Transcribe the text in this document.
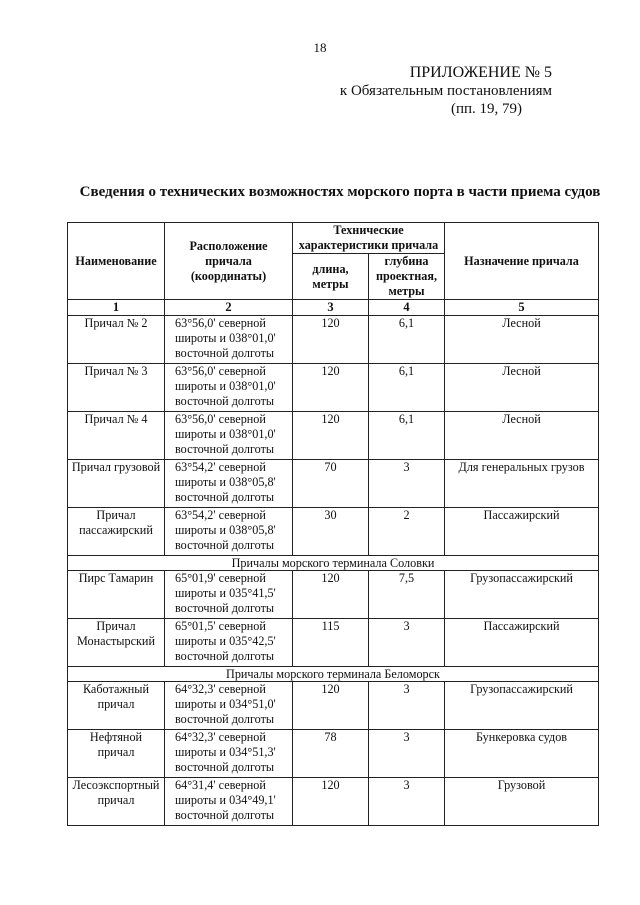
18
ПРИЛОЖЕНИЕ № 5
к Обязательным постановлениям
(пп. 19, 79)
Сведения о технических возможностях морского порта в части приема судов
Наименование	Расположение причала (координаты)	Технические характеристики причала		Назначение причала
		длина, метры	глубина проектная, метры	
1	2	3	4	5
Причал № 2	63°56,0' северной широты и 038°01,0' восточной долготы	120	6,1	Лесной
Причал № 3	63°56,0' северной широты и 038°01,0' восточной долготы	120	6,1	Лесной
Причал № 4	63°56,0' северной широты и 038°01,0' восточной долготы	120	6,1	Лесной
Причал грузовой	63°54,2' северной широты и 038°05,8' восточной долготы	70	3	Для генеральных грузов
Причал пассажирский	63°54,2' северной широты и 038°05,8' восточной долготы	30	2	Пассажирский
Причалы морского терминала Соловки				
Пирс Тамарин	65°01,9' северной широты и 035°41,5' восточной долготы	120	7,5	Грузопассажирский
Причал Монастырский	65°01,5' северной широты и 035°42,5' восточной долготы	115	3	Пассажирский
Причалы морского терминала Беломорск				
Каботажный причал	64°32,3' северной широты и 034°51,0' восточной долготы	120	3	Грузопассажирский
Нефтяной причал	64°32,3' северной широты и 034°51,3' восточной долготы	78	3	Бункеровка судов
Лесоэкспортный причал	64°31,4' северной широты и 034°49,1' восточной долготы	120	3	Грузовой
